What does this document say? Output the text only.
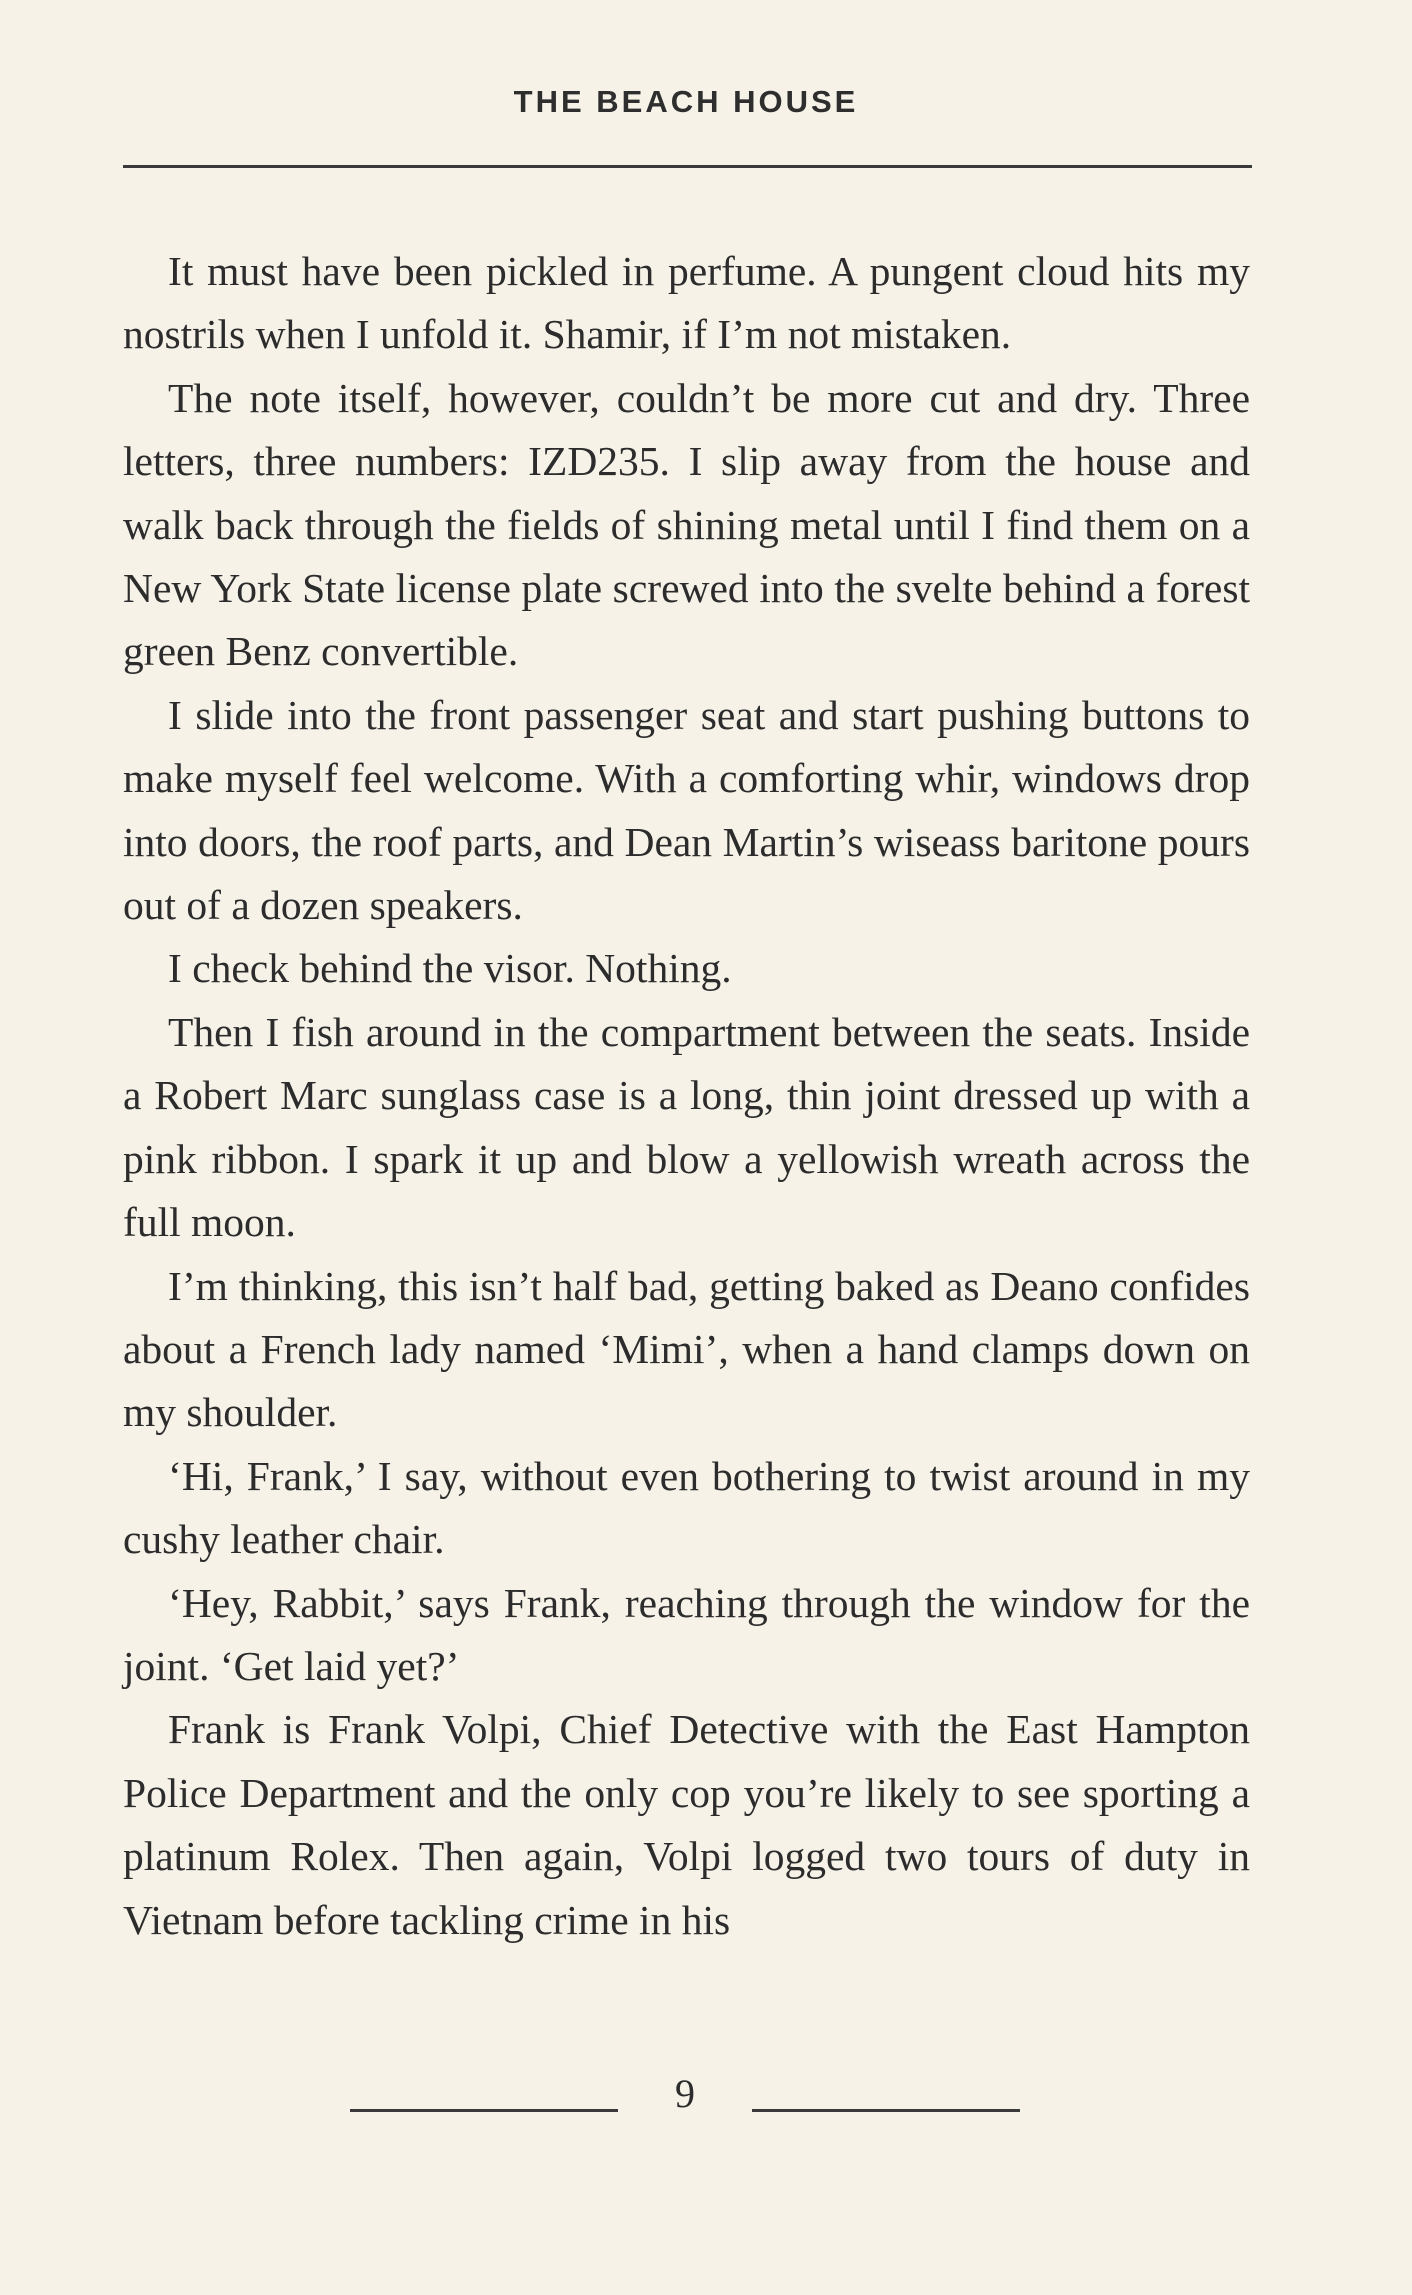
THE BEACH HOUSE

It must have been pickled in perfume. A pungent cloud hits my nostrils when I unfold it. Shamir, if I’m not mistaken.

The note itself, however, couldn’t be more cut and dry. Three letters, three numbers: IZD235. I slip away from the house and walk back through the fields of shining metal until I find them on a New York State license plate screwed into the svelte behind a forest green Benz convertible.

I slide into the front passenger seat and start pushing buttons to make myself feel welcome. With a comforting whir, windows drop into doors, the roof parts, and Dean Martin’s wiseass baritone pours out of a dozen speakers.

I check behind the visor. Nothing.

Then I fish around in the compartment between the seats. Inside a Robert Marc sunglass case is a long, thin joint dressed up with a pink ribbon. I spark it up and blow a yellowish wreath across the full moon.

I’m thinking, this isn’t half bad, getting baked as Deano confides about a French lady named ‘Mimi’, when a hand clamps down on my shoulder.

‘Hi, Frank,’ I say, without even bothering to twist around in my cushy leather chair.

‘Hey, Rabbit,’ says Frank, reaching through the window for the joint. ‘Get laid yet?’

Frank is Frank Volpi, Chief Detective with the East Hampton Police Department and the only cop you’re likely to see sporting a platinum Rolex. Then again, Volpi logged two tours of duty in Vietnam before tackling crime in his

9
